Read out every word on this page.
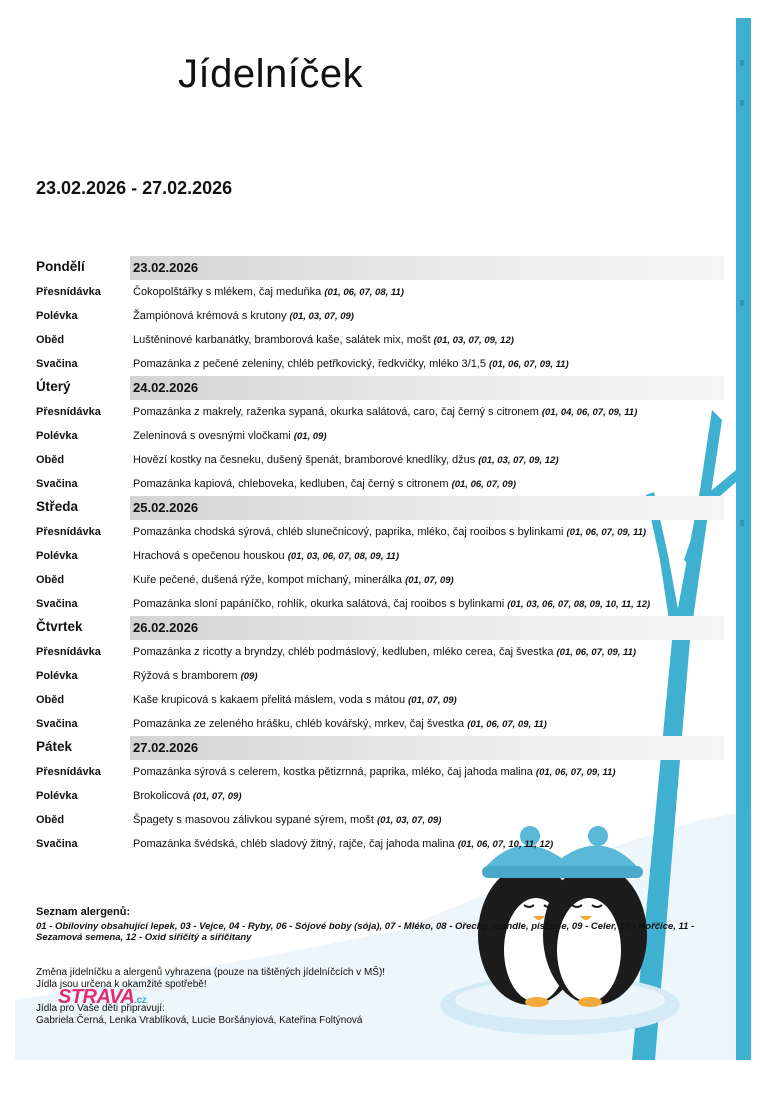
Jídelníček
23.02.2026 - 27.02.2026
Pondělí	23.02.2026
Přesnídávka	Čokopolštářky s mlékem, čaj meduňka (01, 06, 07, 08, 11)
Polévka	Žampiónová krémová s krutony (01, 03, 07, 09)
Oběd	Luštěninové karbanátky, bramborová kaše, salátek mix, mošt (01, 03, 07, 09, 12)
Svačina	Pomazánka z pečené zeleniny, chléb petřkovický, ředkvičky, mléko 3/1,5 (01, 06, 07, 09, 11)
Úterý	24.02.2026
Přesnídávka	Pomazánka z makrely, raženka sypaná, okurka salátová, caro, čaj černý s citronem (01, 04, 06, 07, 09, 11)
Polévka	Zeleninová s ovesnými vločkami (01, 09)
Oběd	Hovězí kostky na česneku, dušený špenát, bramborové knedlíky, džus (01, 03, 07, 09, 12)
Svačina	Pomazánka kapiová, chleboveka, kedluben, čaj černý s citronem (01, 06, 07, 09)
Středa	25.02.2026
Přesnídávka	Pomazánka chodská sýrová, chléb slunečnicový, paprika, mléko, čaj rooibos s bylinkami (01, 06, 07, 09, 11)
Polévka	Hrachová s opečenou houskou (01, 03, 06, 07, 08, 09, 11)
Oběd	Kuře pečené, dušená rýže, kompot míchaný, minerálka (01, 07, 09)
Svačina	Pomazánka sloní papáníčko, rohlík, okurka salátová, čaj rooibos s bylinkami (01, 03, 06, 07, 08, 09, 10, 11, 12)
Čtvrtek	26.02.2026
Přesnídávka	Pomazánka z ricotty a bryndzy, chléb podmáslový, kedluben, mléko cerea, čaj švestka (01, 06, 07, 09, 11)
Polévka	Rýžová s bramborem (09)
Oběd	Kaše krupicová s kakaem přelitá máslem, voda s mátou (01, 07, 09)
Svačina	Pomazánka ze zeleného hrášku, chléb kovářský, mrkev, čaj švestka (01, 06, 07, 09, 11)
Pátek	27.02.2026
Přesnídávka	Pomazánka sýrová s celerem, kostka pětizrnná, paprika, mléko, čaj jahoda malina (01, 06, 07, 09, 11)
Polévka	Brokolicová (01, 07, 09)
Oběd	Špagety s masovou zálivkou sypané sýrem, mošt (01, 03, 07, 09)
Svačina	Pomazánka švédská, chléb sladový žitný, rajče, čaj jahoda malina (01, 06, 07, 10, 11, 12)
Seznam alergenů:
01 - Obiloviny obsahující lepek, 03 - Vejce, 04 - Ryby, 06 - Sójové boby (sója), 07 - Mléko, 08 - Ořechy, mandle, pistácie, 09 - Celer, 10 - Hořčice, 11 - Sezamová semena, 12 - Oxid siřičitý a siřičitany
Změna jídelníčku a alergenů vyhrazena (pouze na tištěných jídelníčcích v MŠ)!
Jídla jsou určena k okamžité spotřebě!
STRAVA.cz
Jídla pro Vaše děti připravují:
Gabriela Černá, Lenka Vrablíková, Lucie Boršányiová, Kateřina Foltýnová
